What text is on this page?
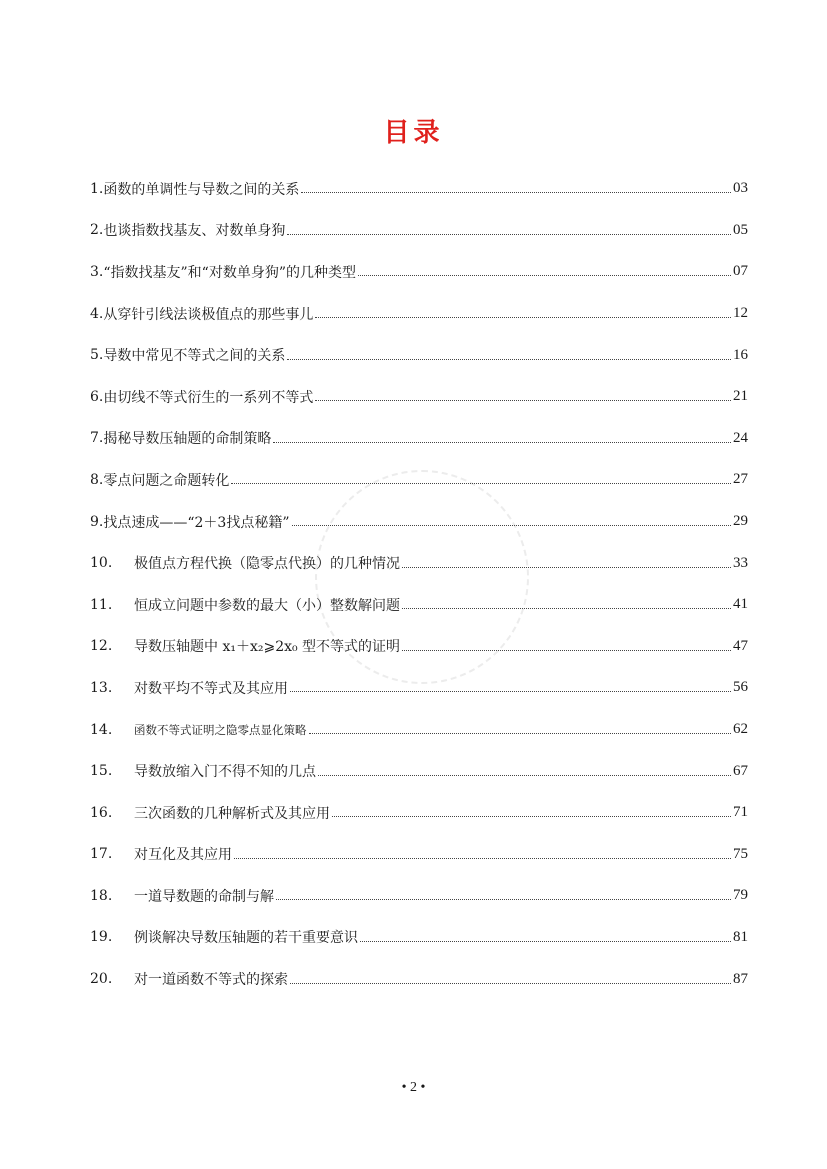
目录
1. 函数的单调性与导数之间的关系	03
2. 也谈指数找基友、对数单身狗	05
3. “指数找基友”和“对数单身狗”的几种类型	07
4. 从穿针引线法谈极值点的那些事儿	12
5. 导数中常见不等式之间的关系	16
6. 由切线不等式衍生的一系列不等式	21
7. 揭秘导数压轴题的命制策略	24
8. 零点问题之命题转化	27
9. 找点速成——“2＋3找点秘籍”	29
10.	极值点方程代换（隐零点代换）的几种情况	33
11.	恒成立问题中参数的最大（小）整数解问题	41
12.	导数压轴题中 x₁＋x₂⩾2x₀ 型不等式的证明	47
13.	对数平均不等式及其应用	56
14.	函数不等式证明之隐零点显化策略	62
15.	导数放缩入门不得不知的几点	67
16.	三次函数的几种解析式及其应用	71
17.	对互化及其应用	75
18.	一道导数题的命制与解	79
19.	例谈解决导数压轴题的若干重要意识	81
20.	对一道函数不等式的探索	87
• 2 •
